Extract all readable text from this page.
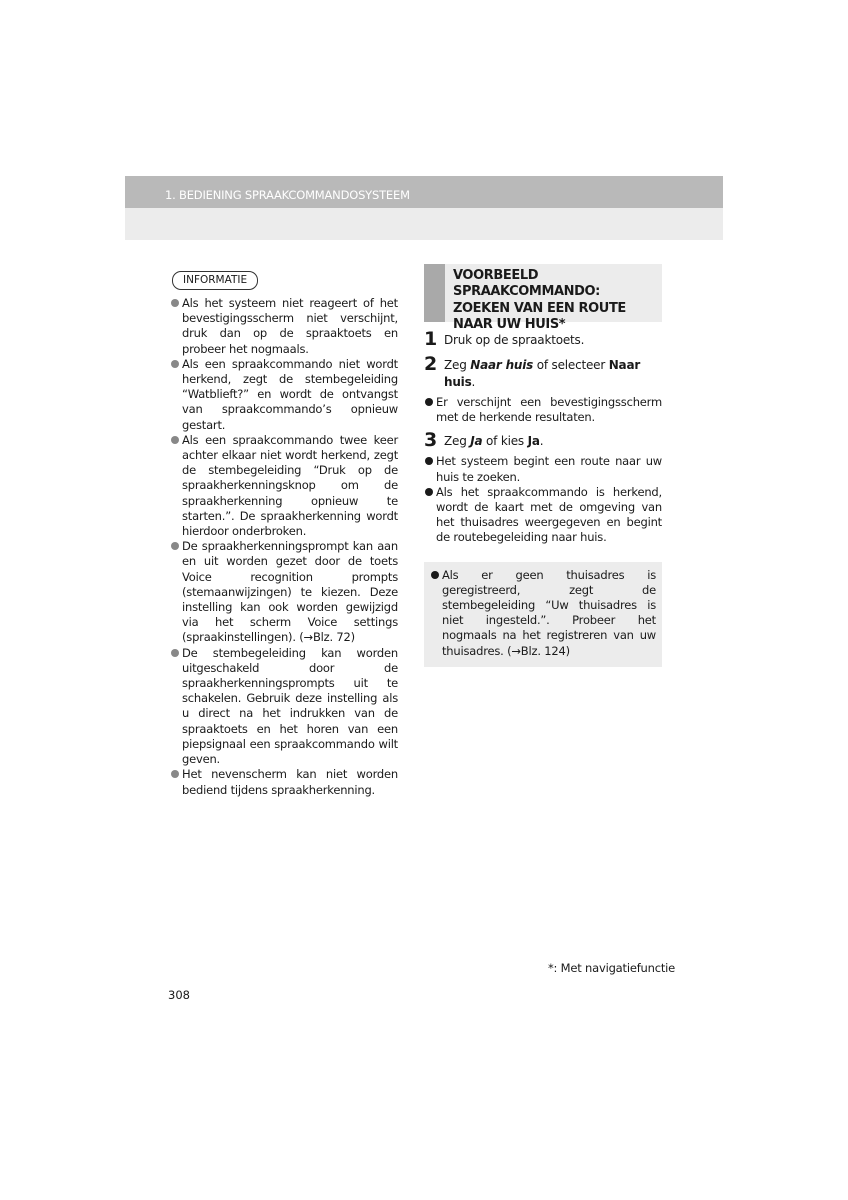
1. BEDIENING SPRAAKCOMMANDOSYSTEEM
INFORMATIE
Als het systeem niet reageert of het bevestigingsscherm niet verschijnt, druk dan op de spraaktoets en probeer het nogmaals.
Als een spraakcommando niet wordt herkend, zegt de stembegeleiding “Watblieft?” en wordt de ontvangst van spraakcommando’s opnieuw gestart.
Als een spraakcommando twee keer achter elkaar niet wordt herkend, zegt de stembegeleiding “Druk op de spraakherkenningsknop om de spraakherkenning opnieuw te starten.”. De spraakherkenning wordt hierdoor onderbroken.
De spraakherkenningsprompt kan aan en uit worden gezet door de toets Voice recognition prompts (stemaanwijzingen) te kiezen. Deze instelling kan ook worden gewijzigd via het scherm Voice settings (spraakinstellingen). (→Blz. 72)
De stembegeleiding kan worden uitgeschakeld door de spraakherkenningsprompts uit te schakelen. Gebruik deze instelling als u direct na het indrukken van de spraaktoets en het horen van een piepsignaal een spraakcommando wilt geven.
Het nevenscherm kan niet worden bediend tijdens spraakherkenning.
VOORBEELD SPRAAKCOMMANDO: ZOEKEN VAN EEN ROUTE NAAR UW HUIS*
1 Druk op de spraaktoets.
2 Zeg Naar huis of selecteer Naar huis.
Er verschijnt een bevestigingsscherm met de herkende resultaten.
3 Zeg Ja of kies Ja.
Het systeem begint een route naar uw huis te zoeken.
Als het spraakcommando is herkend, wordt de kaart met de omgeving van het thuisadres weergegeven en begint de routebegeleiding naar huis.
Als er geen thuisadres is geregistreerd, zegt de stembegeleiding “Uw thuisadres is niet ingesteld.”. Probeer het nogmaals na het registreren van uw thuisadres. (→Blz. 124)
*: Met navigatiefunctie
308
